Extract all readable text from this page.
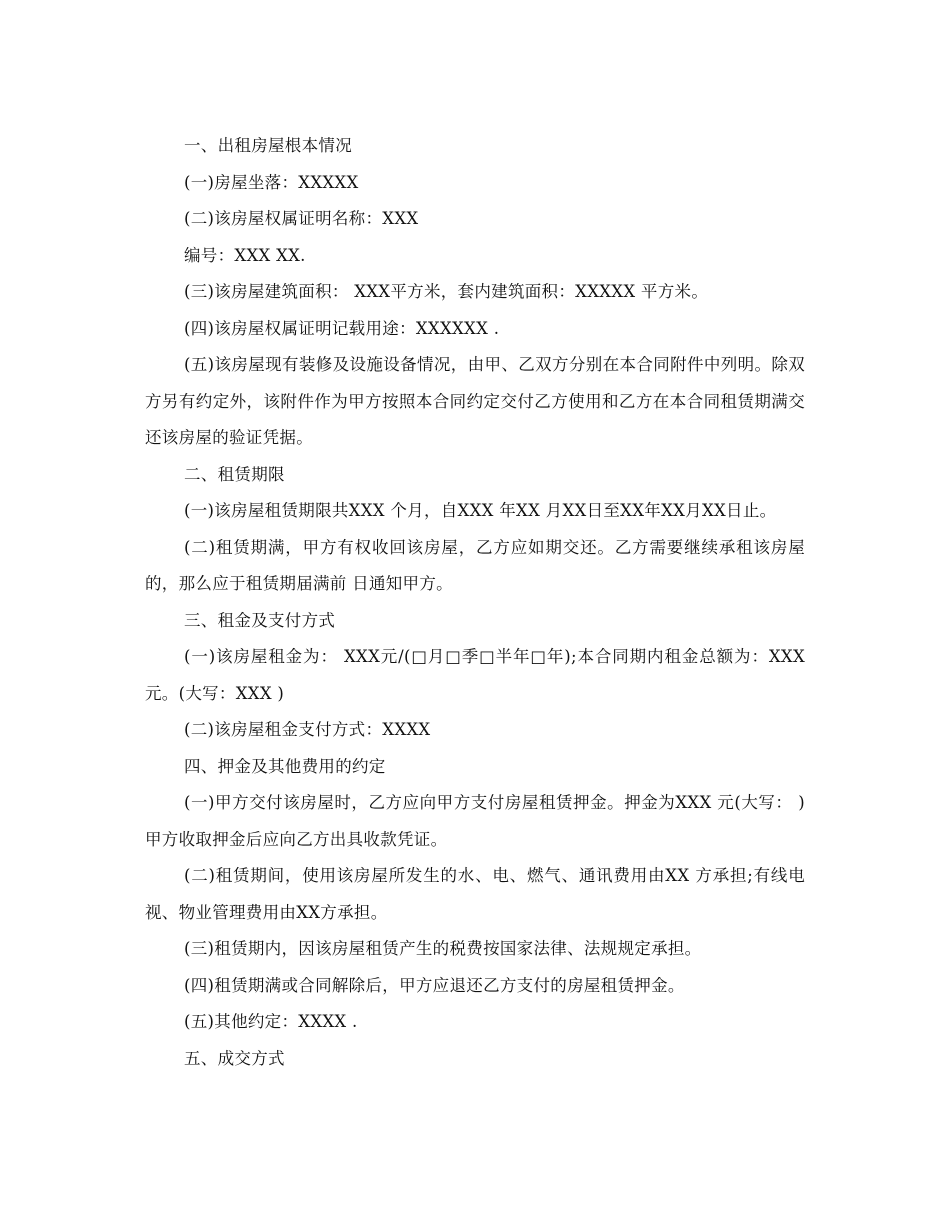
一、出租房屋根本情况

(一)房屋坐落：XXXXX

(二)该房屋权属证明名称：XXX

编号：XXX XX.

(三)该房屋建筑面积： XXX平方米，套内建筑面积：XXXXX 平方米。

(四)该房屋权属证明记载用途：XXXXXX .

(五)该房屋现有装修及设施设备情况，由甲、乙双方分别在本合同附件中列明。除双方另有约定外，该附件作为甲方按照本合同约定交付乙方使用和乙方在本合同租赁期满交还该房屋的验证凭据。

二、租赁期限

(一)该房屋租赁期限共XXX 个月，自XXX 年XX 月XX日至XX年XX月XX日止。

(二)租赁期满，甲方有权收回该房屋，乙方应如期交还。乙方需要继续承租该房屋的，那么应于租赁期届满前 日通知甲方。

三、租金及支付方式

(一)该房屋租金为： XXX元/(□月□季□半年□年);本合同期内租金总额为：XXX元。(大写：XXX )

(二)该房屋租金支付方式：XXXX

四、押金及其他费用的约定

(一)甲方交付该房屋时，乙方应向甲方支付房屋租赁押金。押金为XXX 元(大写： )甲方收取押金后应向乙方出具收款凭证。

(二)租赁期间，使用该房屋所发生的水、电、燃气、通讯费用由XX 方承担;有线电视、物业管理费用由XX方承担。

(三)租赁期内，因该房屋租赁产生的税费按国家法律、法规规定承担。

(四)租赁期满或合同解除后，甲方应退还乙方支付的房屋租赁押金。

(五)其他约定：XXXX .

五、成交方式
